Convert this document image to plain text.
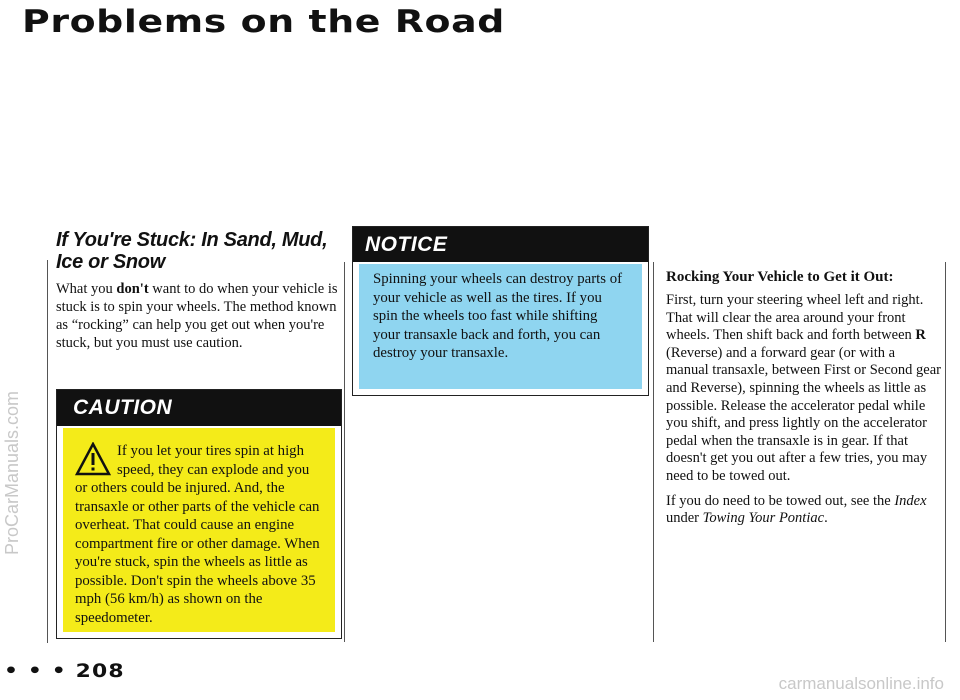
Problems on the Road
ProCarManuals.com
If You're Stuck: In Sand, Mud, Ice or Snow

What you don't want to do when your vehicle is stuck is to spin your wheels. The method known as “rocking” can help you get out when you're stuck, but you must use caution.

CAUTION
If you let your tires spin at high speed, they can explode and you or others could be injured. And, the transaxle or other parts of the vehicle can overheat. That could cause an engine compartment fire or other damage. When you're stuck, spin the wheels as little as possible. Don't spin the wheels above 35 mph (56 km/h) as shown on the speedometer.
NOTICE
Spinning your wheels can destroy parts of your vehicle as well as the tires. If you spin the wheels too fast while shifting your transaxle back and forth, you can destroy your transaxle.
Rocking Your Vehicle to Get it Out:

First, turn your steering wheel left and right. That will clear the area around your front wheels. Then shift back and forth between R (Reverse) and a forward gear (or with a manual transaxle, between First or Second gear and Reverse), spinning the wheels as little as possible. Release the accelerator pedal while you shift, and press lightly on the accelerator pedal when the transaxle is in gear. If that doesn't get you out after a few tries, you may need to be towed out.

If you do need to be towed out, see the Index under Towing Your Pontiac.

• • • 208
carmanualsonline.info
